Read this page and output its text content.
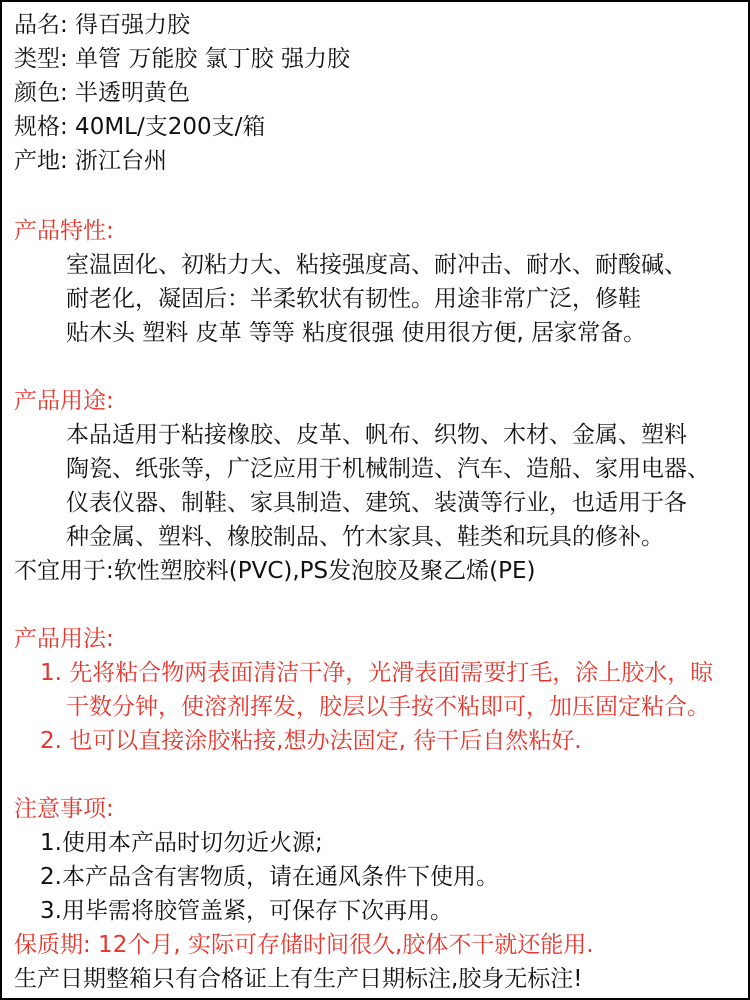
品名: 得百强力胶

类型: 单管 万能胶 氯丁胶 强力胶

颜色: 半透明黄色

规格: 40ML/支200支/箱

产地: 浙江台州

产品特性:

室温固化、初粘力大、粘接强度高、耐冲击、耐水、耐酸碱、

耐老化，凝固后：半柔软状有韧性。用途非常广泛，修鞋

贴木头 塑料 皮革 等等 粘度很强 使用很方便, 居家常备。

产品用途:

本品适用于粘接橡胶、皮革、帆布、织物、木材、金属、塑料

陶瓷、纸张等，广泛应用于机械制造、汽车、造船、家用电器、

仪表仪器、制鞋、家具制造、建筑、装潢等行业，也适用于各

种金属、塑料、橡胶制品、竹木家具、鞋类和玩具的修补。

不宜用于:软性塑胶料(PVC),PS发泡胶及聚乙烯(PE)

产品用法:

1. 先将粘合物两表面清洁干净，光滑表面需要打毛，涂上胶水，晾

干数分钟，使溶剂挥发，胶层以手按不粘即可，加压固定粘合。

2. 也可以直接涂胶粘接,想办法固定, 待干后自然粘好.

注意事项:

1.使用本产品时切勿近火源;

2.本产品含有害物质，请在通风条件下使用。

3.用毕需将胶管盖紧，可保存下次再用。

保质期: 12个月, 实际可存储时间很久,胶体不干就还能用.

生产日期整箱只有合格证上有生产日期标注,胶身无标注!
